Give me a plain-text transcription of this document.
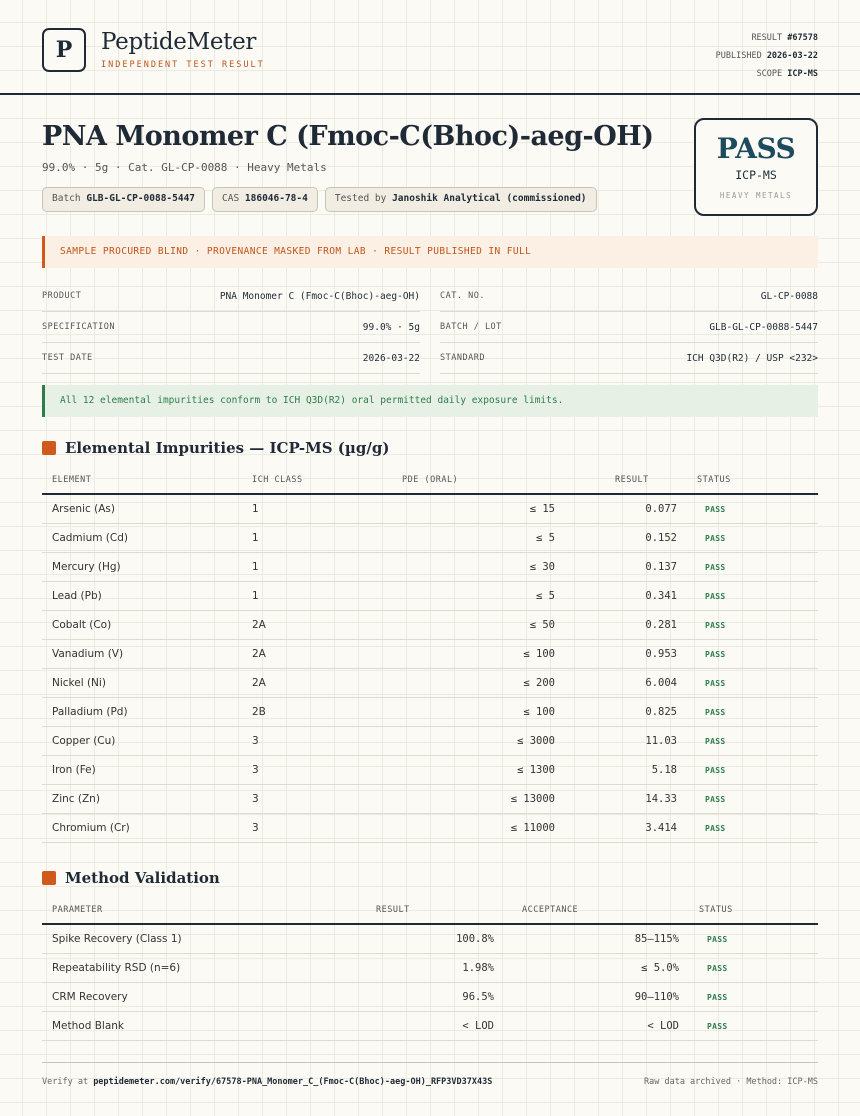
P PeptideMeter
INDEPENDENT TEST RESULT
RESULT #67578
PUBLISHED 2026-03-22
SCOPE ICP-MS
PNA Monomer C (Fmoc-C(Bhoc)-aeg-OH)
99.0% · 5g · Cat. GL-CP-0088 · Heavy Metals
Batch GLB-GL-CP-0088-5447	CAS 186046-78-4	Tested by Janoshik Analytical (commissioned)
PASS
ICP-MS
HEAVY METALS
SAMPLE PROCURED BLIND · PROVENANCE MASKED FROM LAB · RESULT PUBLISHED IN FULL
PRODUCT	PNA Monomer C (Fmoc-C(Bhoc)-aeg-OH)
SPECIFICATION	99.0% · 5g
TEST DATE	2026-03-22
CAT. NO.	GL-CP-0088
BATCH / LOT	GLB-GL-CP-0088-5447
STANDARD	ICH Q3D(R2) / USP <232>
All 12 elemental impurities conform to ICH Q3D(R2) oral permitted daily exposure limits.
Elemental Impurities — ICP-MS (µg/g)
ELEMENT	ICH CLASS	PDE (ORAL)	RESULT	STATUS
Arsenic (As)	1	≤ 15	0.077	PASS
Cadmium (Cd)	1	≤ 5	0.152	PASS
Mercury (Hg)	1	≤ 30	0.137	PASS
Lead (Pb)	1	≤ 5	0.341	PASS
Cobalt (Co)	2A	≤ 50	0.281	PASS
Vanadium (V)	2A	≤ 100	0.953	PASS
Nickel (Ni)	2A	≤ 200	6.004	PASS
Palladium (Pd)	2B	≤ 100	0.825	PASS
Copper (Cu)	3	≤ 3000	11.03	PASS
Iron (Fe)	3	≤ 1300	5.18	PASS
Zinc (Zn)	3	≤ 13000	14.33	PASS
Chromium (Cr)	3	≤ 11000	3.414	PASS
Method Validation
PARAMETER	RESULT	ACCEPTANCE	STATUS
Spike Recovery (Class 1)	100.8%	85–115%	PASS
Repeatability RSD (n=6)	1.98%	≤ 5.0%	PASS
CRM Recovery	96.5%	90–110%	PASS
Method Blank	< LOD	< LOD	PASS
Verify at peptidemeter.com/verify/67578-PNA_Monomer_C_(Fmoc-C(Bhoc)-aeg-OH)_RFP3VD37X43S	Raw data archived · Method: ICP-MS
